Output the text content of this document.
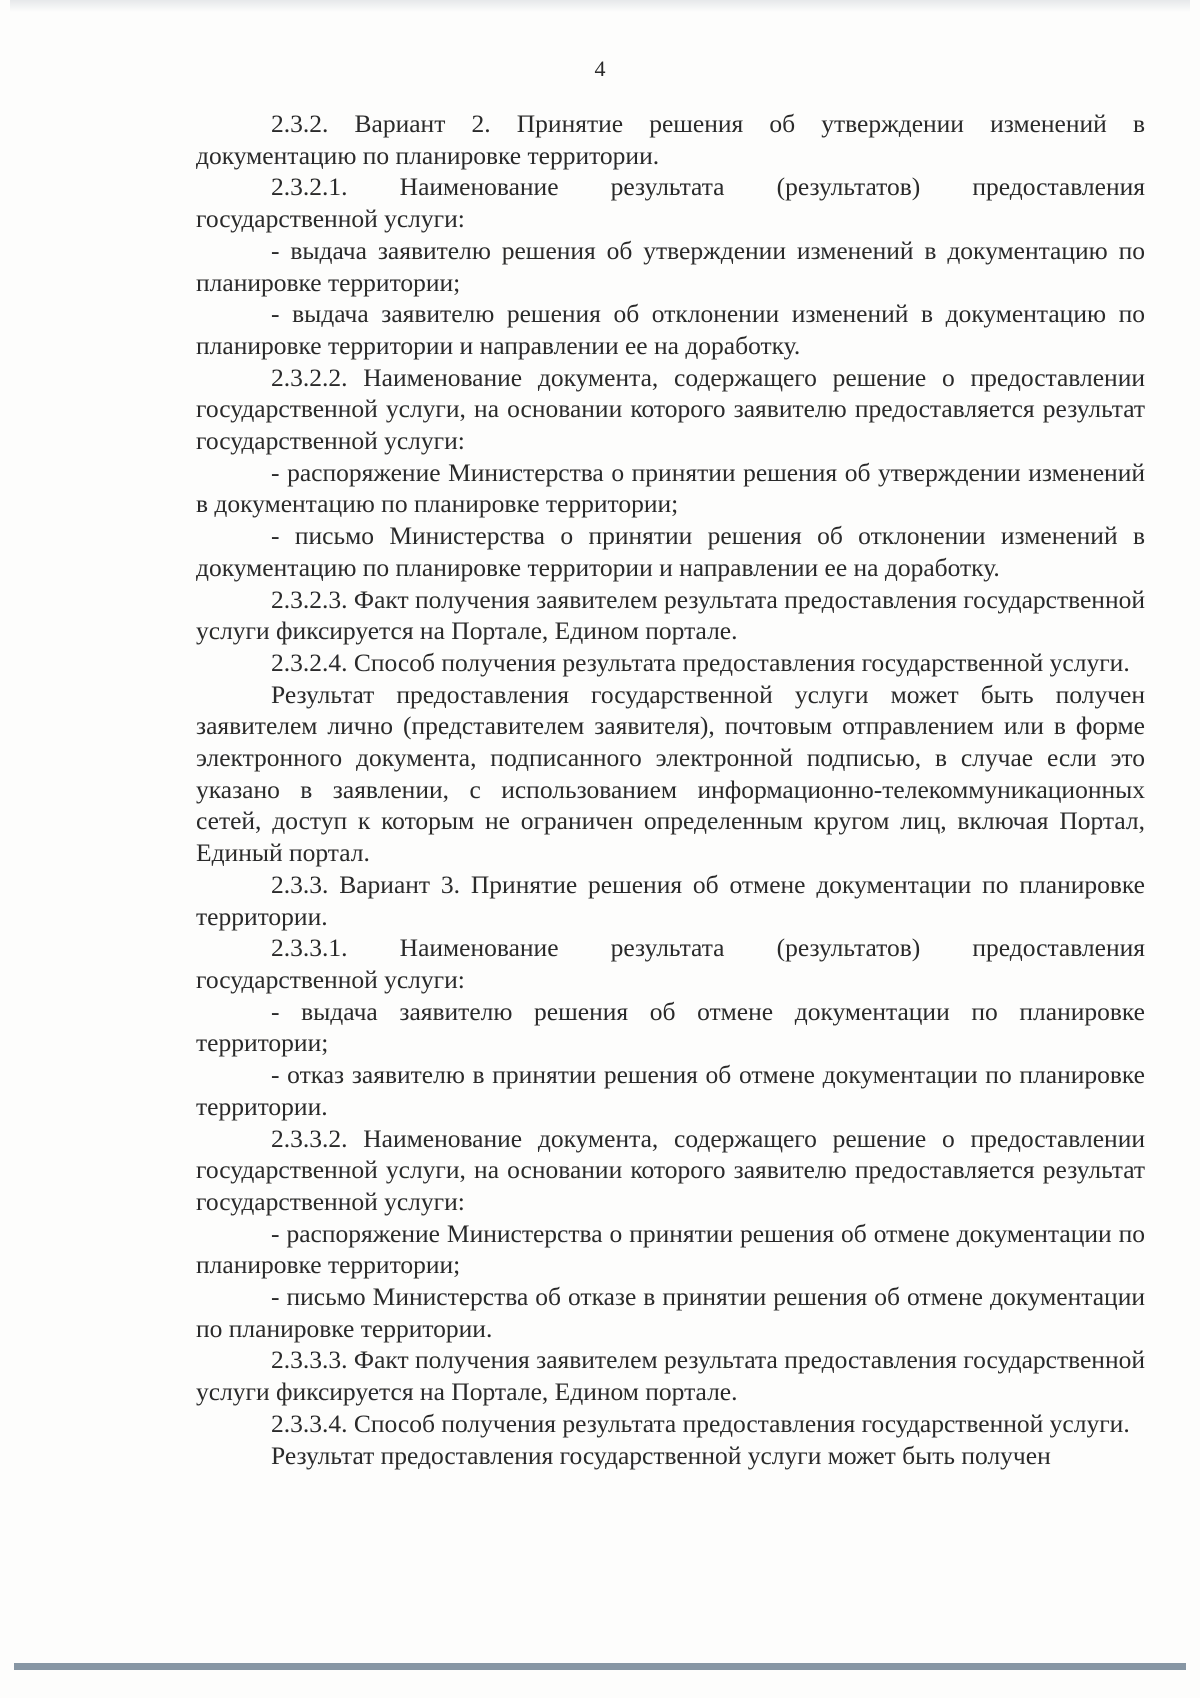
4

2.3.2. Вариант 2. Принятие решения об утверждении изменений в документацию по планировке территории.

2.3.2.1. Наименование результата (результатов) предоставления государственной услуги:

- выдача заявителю решения об утверждении изменений в документацию по планировке территории;

- выдача заявителю решения об отклонении изменений в документацию по планировке территории и направлении ее на доработку.

2.3.2.2. Наименование документа, содержащего решение о предоставлении государственной услуги, на основании которого заявителю предоставляется результат государственной услуги:

- распоряжение Министерства о принятии решения об утверждении изменений в документацию по планировке территории;

- письмо Министерства о принятии решения об отклонении изменений в документацию по планировке территории и направлении ее на доработку.

2.3.2.3. Факт получения заявителем результата предоставления государственной услуги фиксируется на Портале, Едином портале.

2.3.2.4. Способ получения результата предоставления государственной услуги.

Результат предоставления государственной услуги может быть получен заявителем лично (представителем заявителя), почтовым отправлением или в форме электронного документа, подписанного электронной подписью, в случае если это указано в заявлении, с использованием информационно-телекоммуникационных сетей, доступ к которым не ограничен определенным кругом лиц, включая Портал, Единый портал.

2.3.3. Вариант 3. Принятие решения об отмене документации по планировке территории.

2.3.3.1. Наименование результата (результатов) предоставления государственной услуги:

- выдача заявителю решения об отмене документации по планировке территории;

- отказ заявителю в принятии решения об отмене документации по планировке территории.

2.3.3.2. Наименование документа, содержащего решение о предоставлении государственной услуги, на основании которого заявителю предоставляется результат государственной услуги:

- распоряжение Министерства о принятии решения об отмене документации по планировке территории;

- письмо Министерства об отказе в принятии решения об отмене документации по планировке территории.

2.3.3.3. Факт получения заявителем результата предоставления государственной услуги фиксируется на Портале, Едином портале.

2.3.3.4. Способ получения результата предоставления государственной услуги.

Результат предоставления государственной услуги может быть получен
